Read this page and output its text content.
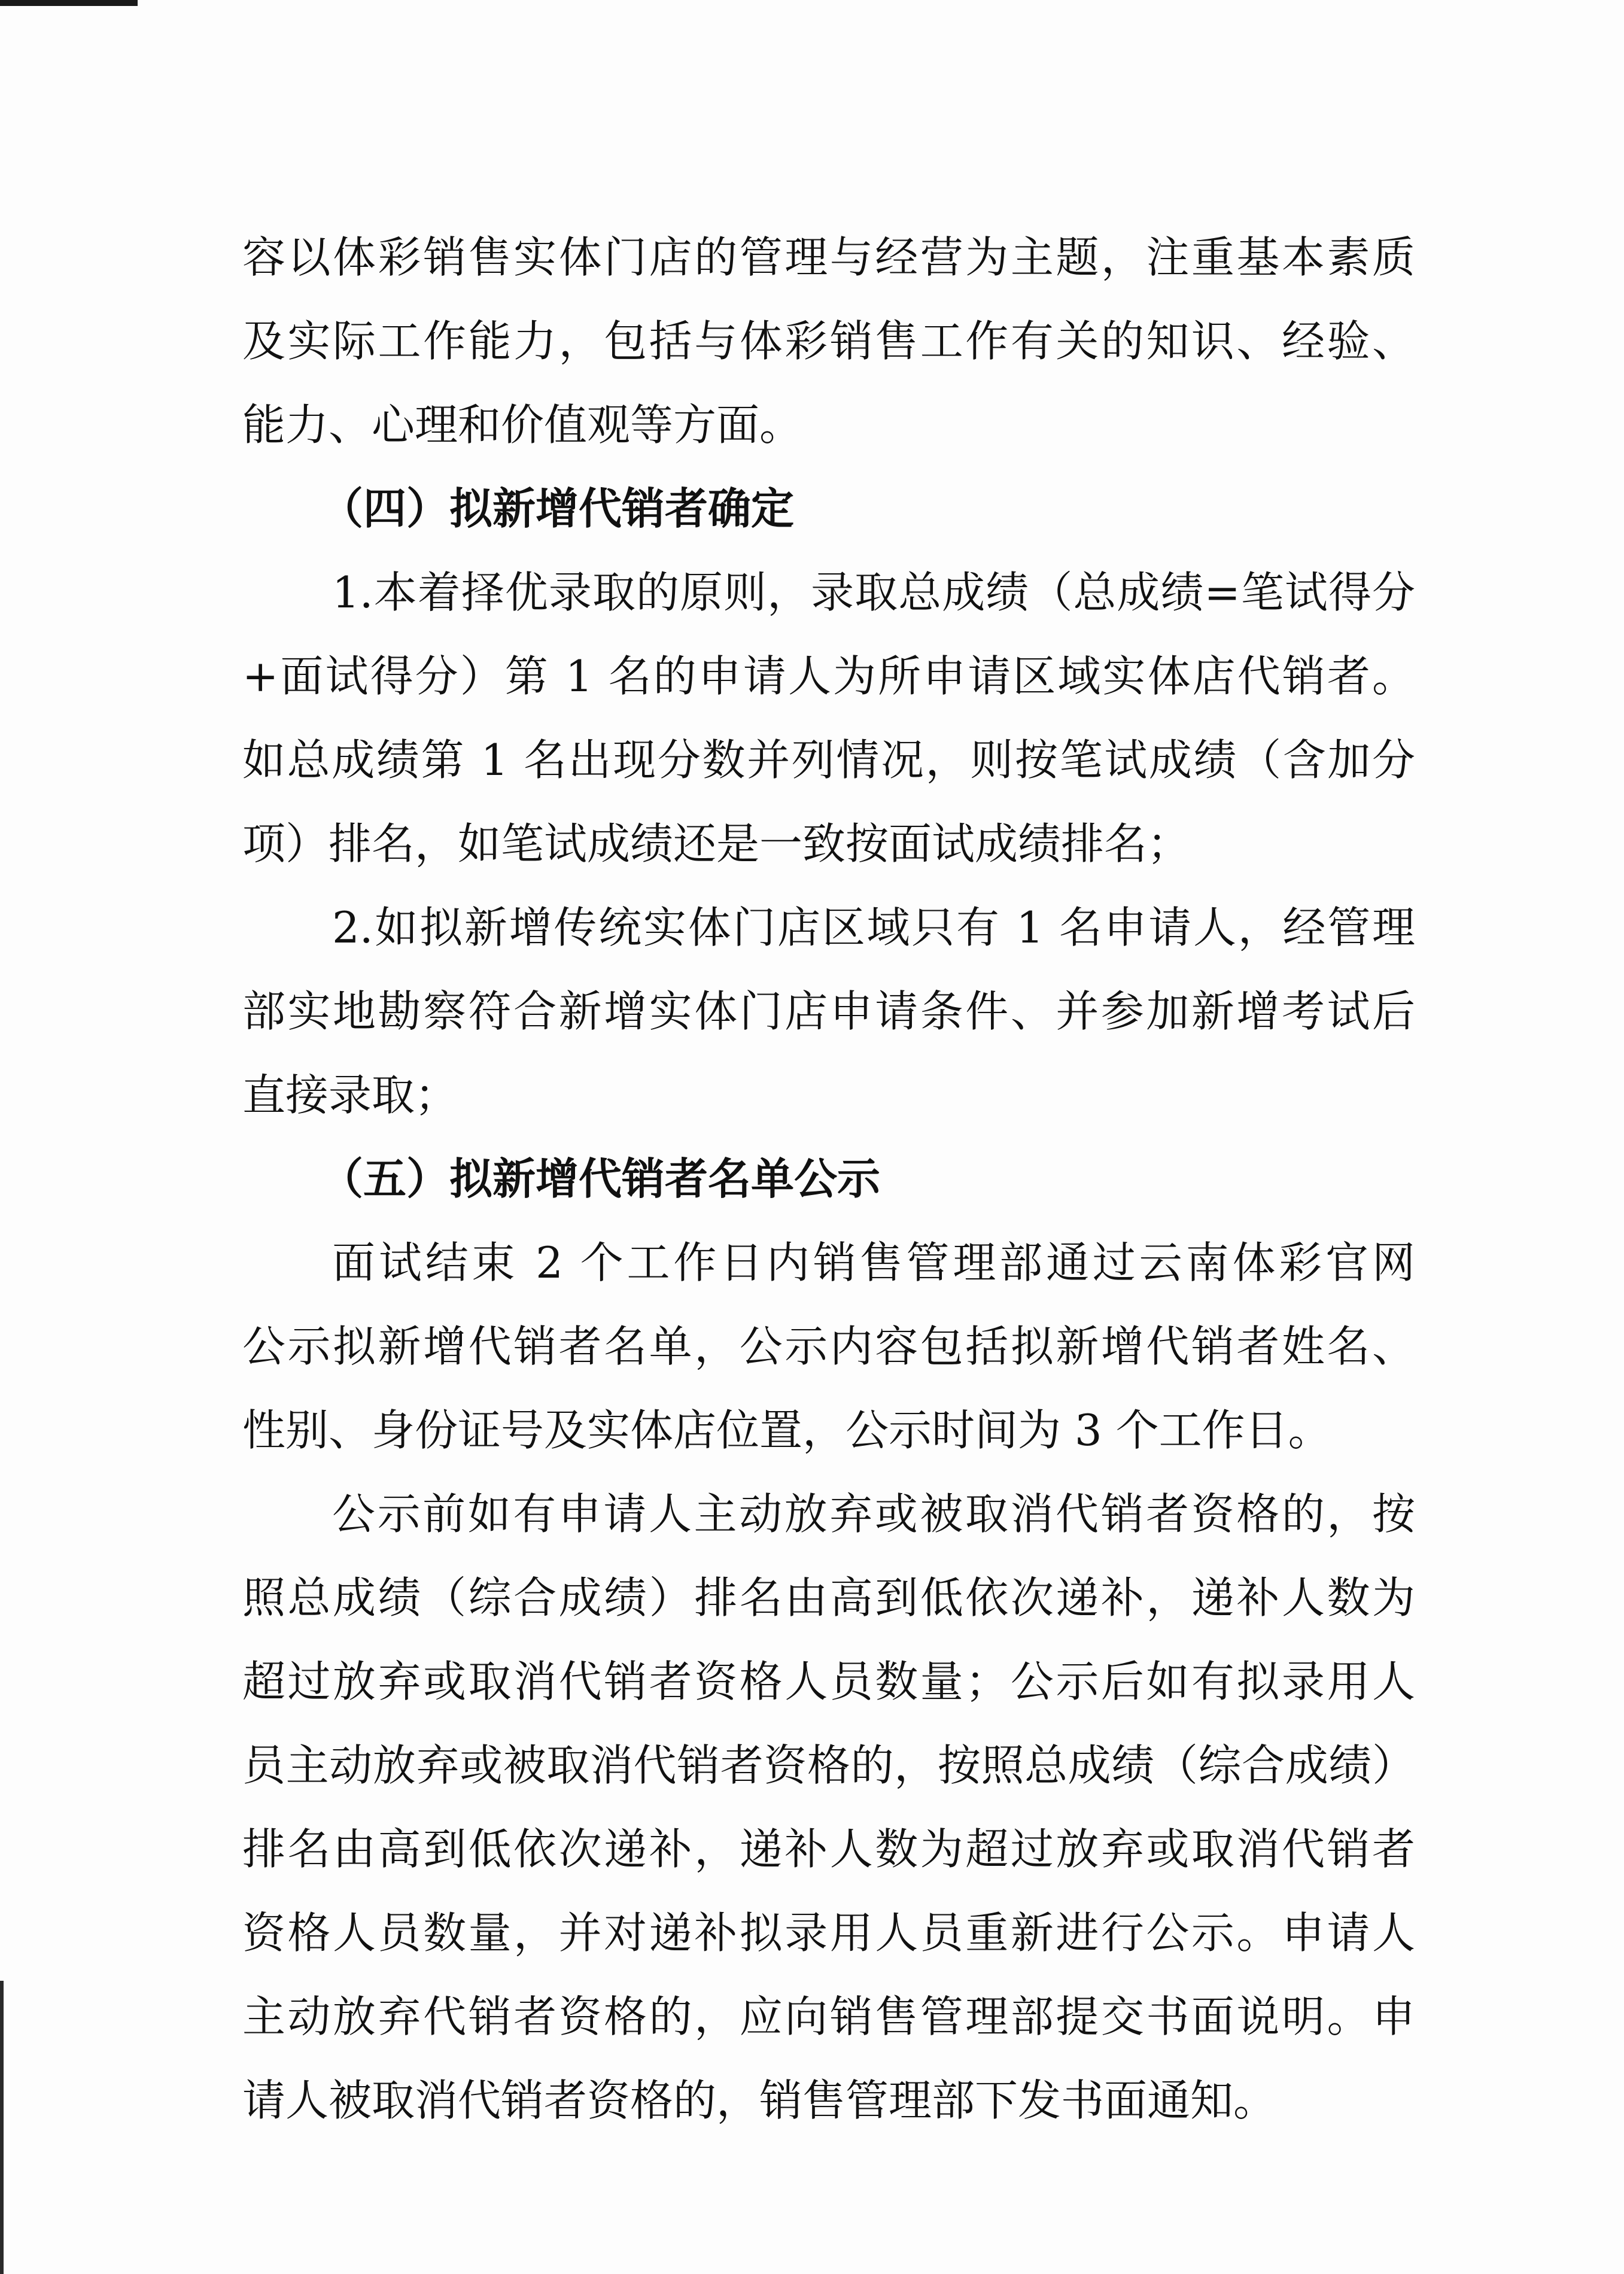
容以体彩销售实体门店的管理与经营为主题，注重基本素质
及实际工作能力，包括与体彩销售工作有关的知识、经验、
能力、心理和价值观等方面。
（四）拟新增代销者确定
1.本着择优录取的原则，录取总成绩（总成绩=笔试得分
+面试得分）第 1 名的申请人为所申请区域实体店代销者。
如总成绩第 1 名出现分数并列情况，则按笔试成绩（含加分
项）排名，如笔试成绩还是一致按面试成绩排名；
2.如拟新增传统实体门店区域只有 1 名申请人，经管理
部实地勘察符合新增实体门店申请条件、并参加新增考试后
直接录取；
（五）拟新增代销者名单公示
面试结束 2 个工作日内销售管理部通过云南体彩官网
公示拟新增代销者名单，公示内容包括拟新增代销者姓名、
性别、身份证号及实体店位置，公示时间为 3 个工作日。
公示前如有申请人主动放弃或被取消代销者资格的，按
照总成绩（综合成绩）排名由高到低依次递补，递补人数为
超过放弃或取消代销者资格人员数量；公示后如有拟录用人
员主动放弃或被取消代销者资格的，按照总成绩（综合成绩）
排名由高到低依次递补，递补人数为超过放弃或取消代销者
资格人员数量，并对递补拟录用人员重新进行公示。申请人
主动放弃代销者资格的，应向销售管理部提交书面说明。申
请人被取消代销者资格的，销售管理部下发书面通知。
